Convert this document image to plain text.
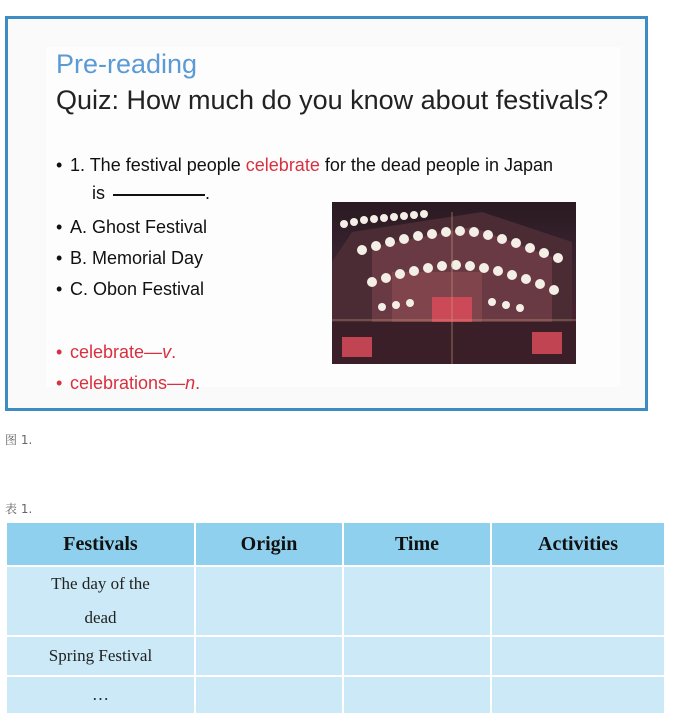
Pre-reading
Quiz: How much do you know about festivals?
• 1. The festival people celebrate for the dead people in Japan
is	.
• A. Ghost Festival
• B. Memorial Day
• C. Obon Festival
• celebrate—v.
• celebrations—n.
图 1.
表 1.
Festivals	Origin	Time	Activities
The day of the dead			
Spring Festival			
…			
